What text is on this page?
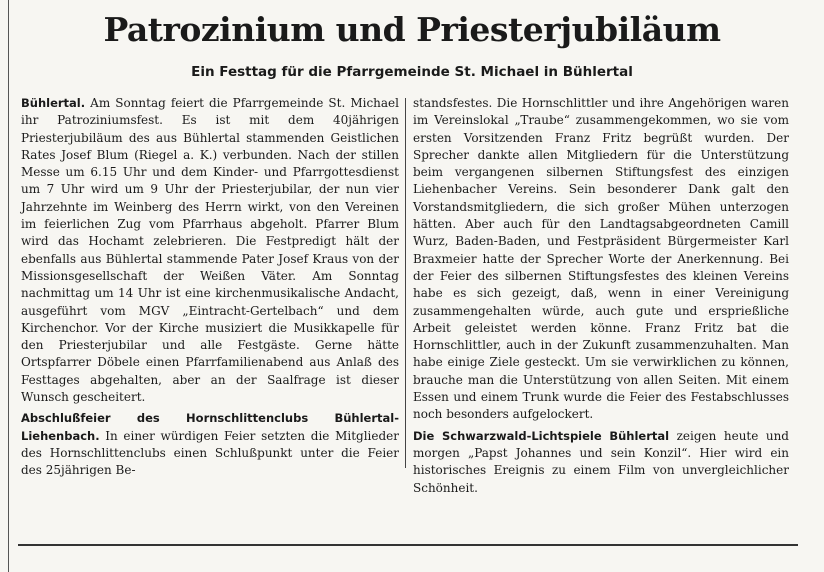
Patrozinium und Priesterjubiläum
Ein Festtag für die Pfarrgemeinde St. Michael in Bühlertal

Bühlertal. Am Sonntag feiert die Pfarrgemeinde St. Michael ihr Patroziniumsfest. Es ist mit dem 40jährigen Priesterjubiläum des aus Bühlertal stammenden Geistlichen Rates Josef Blum (Riegel a. K.) verbunden. Nach der stillen Messe um 6.15 Uhr und dem Kinder- und Pfarrgottesdienst um 7 Uhr wird um 9 Uhr der Priesterjubilar, der nun vier Jahrzehnte im Weinberg des Herrn wirkt, von den Vereinen im feierlichen Zug vom Pfarrhaus abgeholt. Pfarrer Blum wird das Hochamt zelebrieren. Die Festpredigt hält der ebenfalls aus Bühlertal stammende Pater Josef Kraus von der Missionsgesellschaft der Weißen Väter. Am Sonntag nachmittag um 14 Uhr ist eine kirchenmusikalische Andacht, ausgeführt vom MGV „Eintracht-Gertelbach“ und dem Kirchenchor. Vor der Kirche musiziert die Musikkapelle für den Priesterjubilar und alle Festgäste. Gerne hätte Ortspfarrer Döbele einen Pfarrfamilienabend aus Anlaß des Festtages abgehalten, aber an der Saalfrage ist dieser Wunsch gescheitert.

Abschlußfeier des Hornschlittenclubs Bühlertal-Liehenbach. In einer würdigen Feier setzten die Mitglieder des Hornschlittenclubs einen Schlußpunkt unter die Feier des 25jährigen Be-

standsfestes. Die Hornschlittler und ihre Angehörigen waren im Vereinslokal „Traube“ zusammengekommen, wo sie vom ersten Vorsitzenden Franz Fritz begrüßt wurden. Der Sprecher dankte allen Mitgliedern für die Unterstützung beim vergangenen silbernen Stiftungsfest des einzigen Liehenbacher Vereins. Sein besonderer Dank galt den Vorstandsmitgliedern, die sich großer Mühen unterzogen hätten. Aber auch für den Landtagsabgeordneten Camill Wurz, Baden-Baden, und Festpräsident Bürgermeister Karl Braxmeier hatte der Sprecher Worte der Anerkennung. Bei der Feier des silbernen Stiftungsfestes des kleinen Vereins habe es sich gezeigt, daß, wenn in einer Vereinigung zusammengehalten würde, auch gute und ersprießliche Arbeit geleistet werden könne. Franz Fritz bat die Hornschlittler, auch in der Zukunft zusammenzuhalten. Man habe einige Ziele gesteckt. Um sie verwirklichen zu können, brauche man die Unterstützung von allen Seiten. Mit einem Essen und einem Trunk wurde die Feier des Festabschlusses noch besonders aufgelockert.

Die Schwarzwald-Lichtspiele Bühlertal zeigen heute und morgen „Papst Johannes und sein Konzil“. Hier wird ein historisches Ereignis zu einem Film von unvergleichlicher Schönheit.
